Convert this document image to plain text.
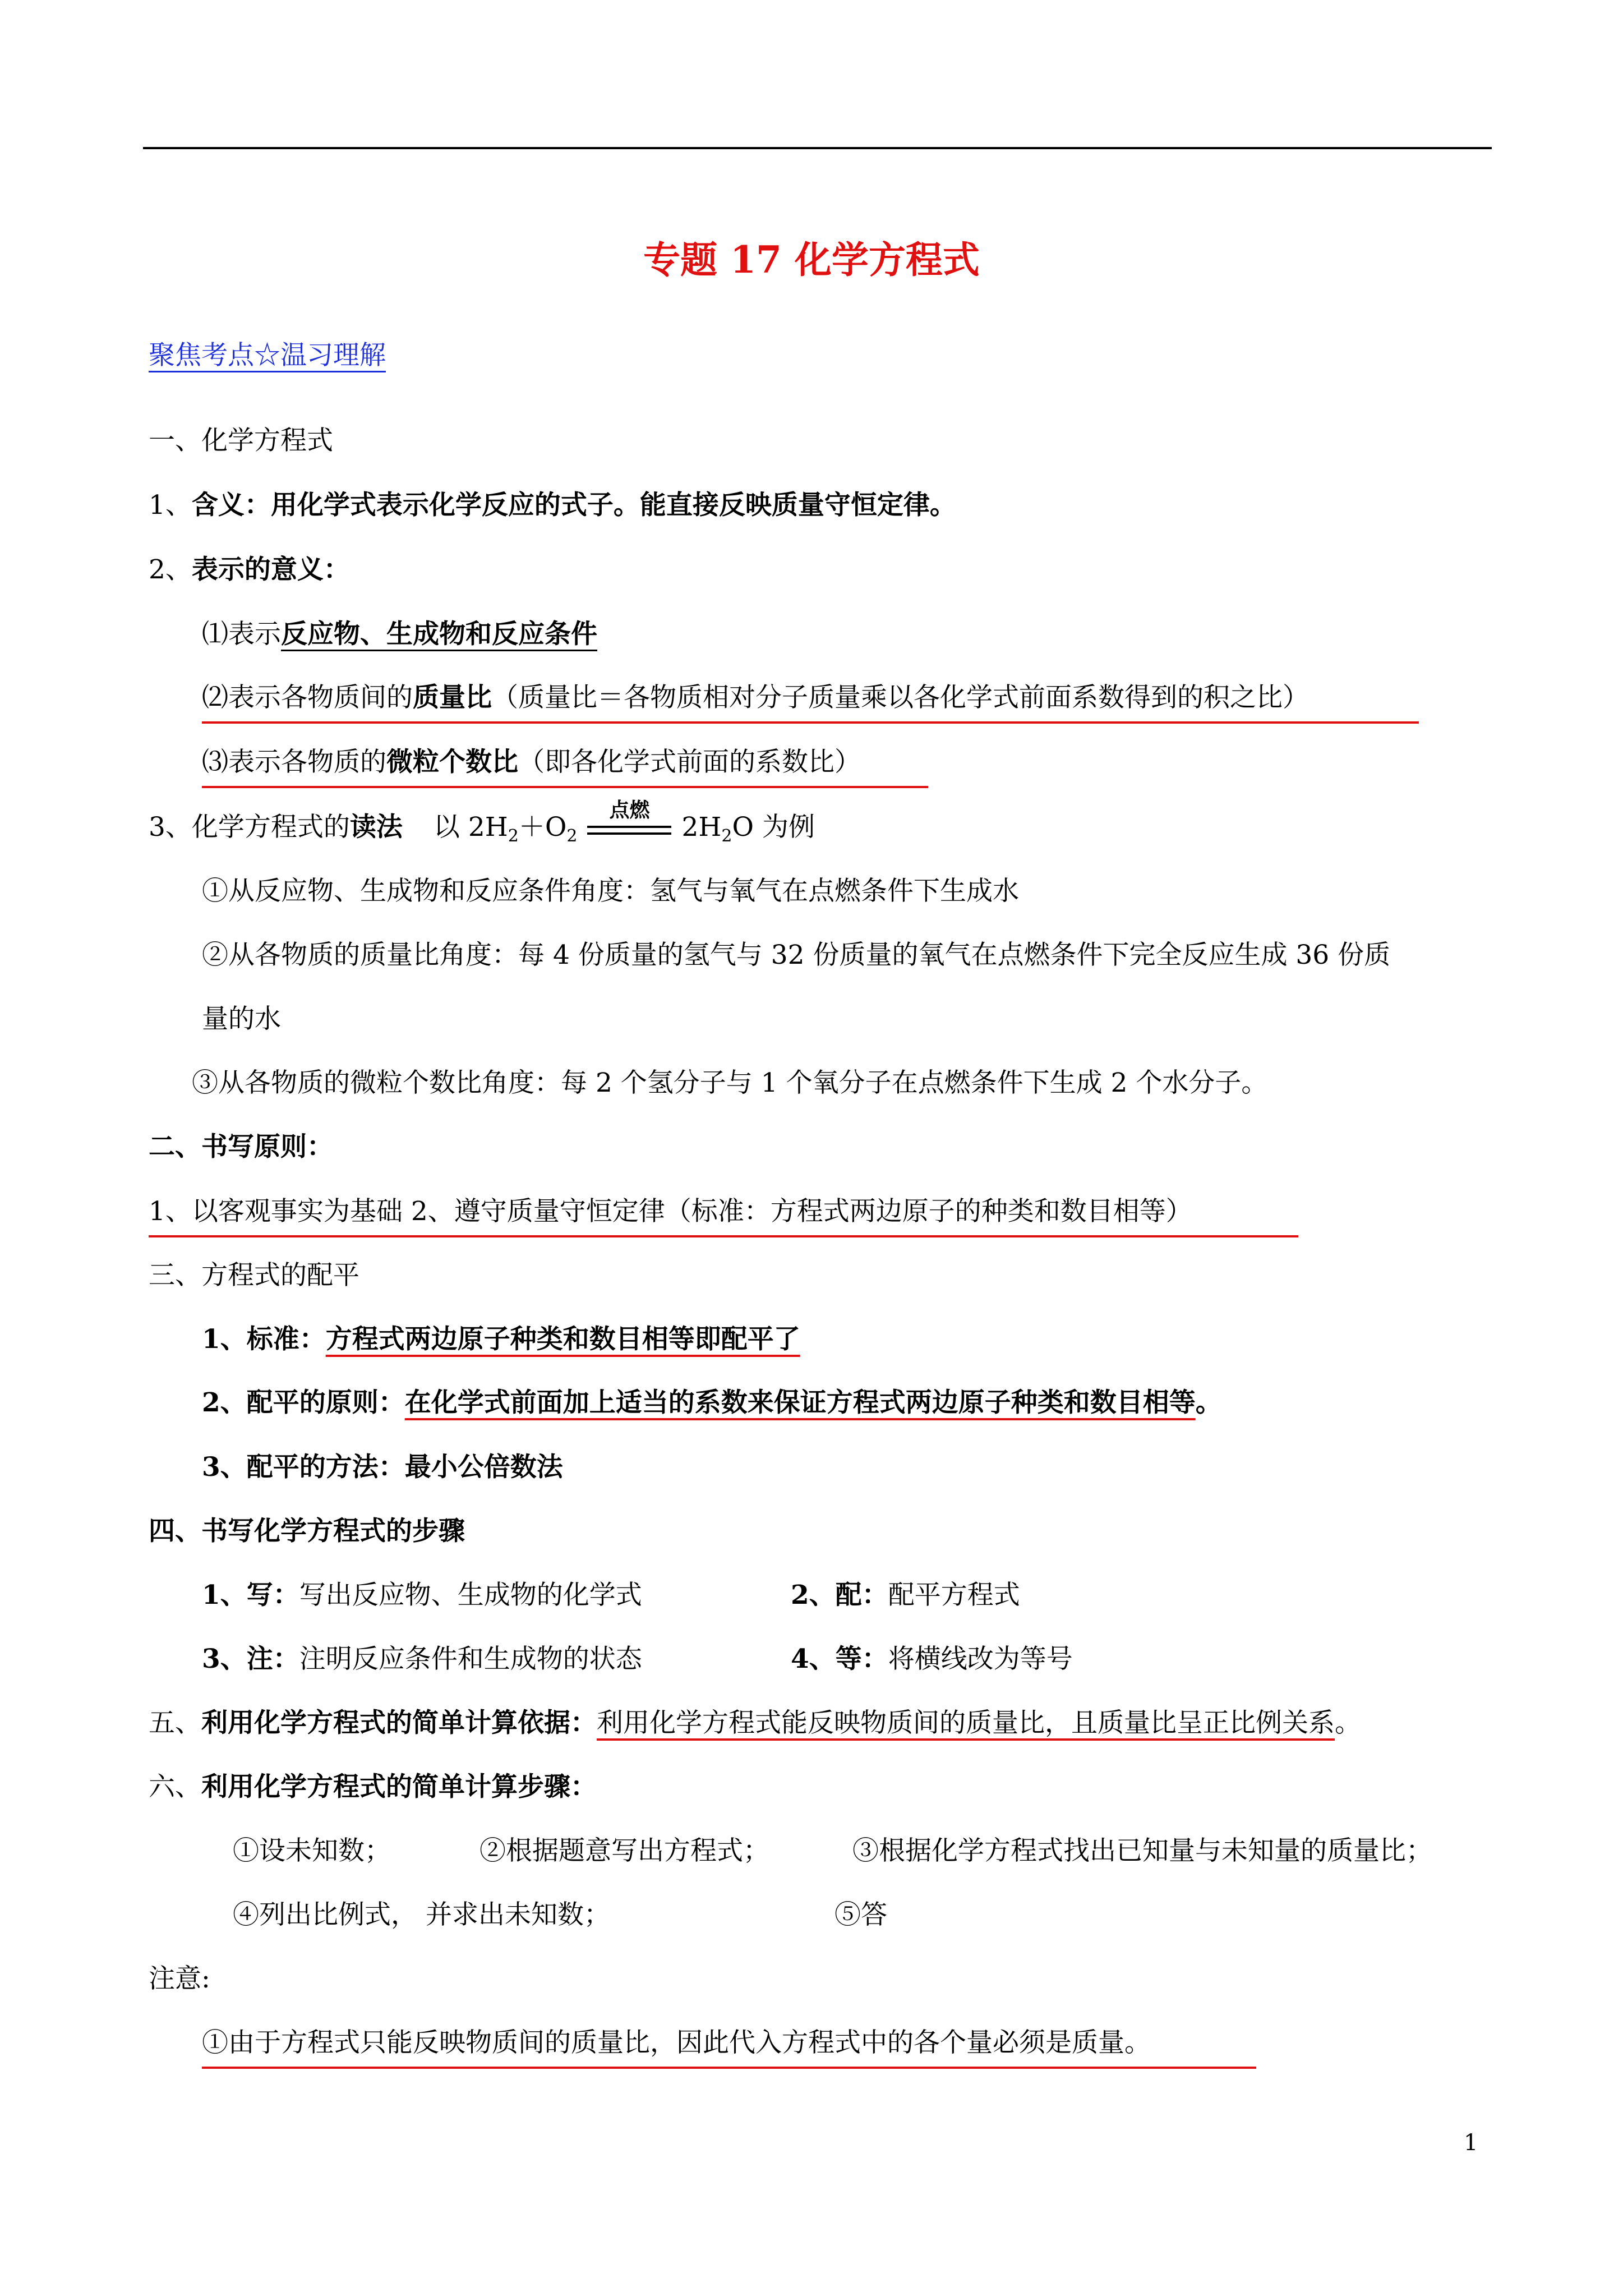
专题 17 化学方程式
聚焦考点☆温习理解
一、化学方程式
1、含义：用化学式表示化学反应的式子。能直接反映质量守恒定律。
2、表示的意义：
⑴表示反应物、生成物和反应条件
⑵表示各物质间的质量比（质量比＝各物质相对分子质量乘以各化学式前面系数得到的积之比）
⑶表示各物质的微粒个数比（即各化学式前面的系数比）
3、化学方程式的读法 以 $2H_2+O_2$
点燃
$2H_2O$ 为例
①从反应物、生成物和反应条件角度：氢气与氧气在点燃条件下生成水
②从各物质的质量比角度：每 4 份质量的氢气与 32 份质量的氧气在点燃条件下完全反应生成 36 份质
量的水
③从各物质的微粒个数比角度：每 2 个氢分子与 1 个氧分子在点燃条件下生成 2 个水分子。
二、书写原则：
1、以客观事实为基础 2、遵守质量守恒定律（标准：方程式两边原子的种类和数目相等）
三、方程式的配平
1、标准：方程式两边原子种类和数目相等即配平了
2、配平的原则：在化学式前面加上适当的系数来保证方程式两边原子种类和数目相等。
3、配平的方法：最小公倍数法
四、书写化学方程式的步骤
1、写：写出反应物、生成物的化学式	2、配：配平方程式
3、注：注明反应条件和生成物的状态	4、等：将横线改为等号
五、利用化学方程式的简单计算依据：利用化学方程式能反映物质间的质量比，且质量比呈正比例关系。
六、利用化学方程式的简单计算步骤：
①设未知数；	②根据题意写出方程式；	③根据化学方程式找出已知量与未知量的质量比；
④列出比例式， 并求出未知数；	⑤答
注意:
①由于方程式只能反映物质间的质量比，因此代入方程式中的各个量必须是质量。
1
